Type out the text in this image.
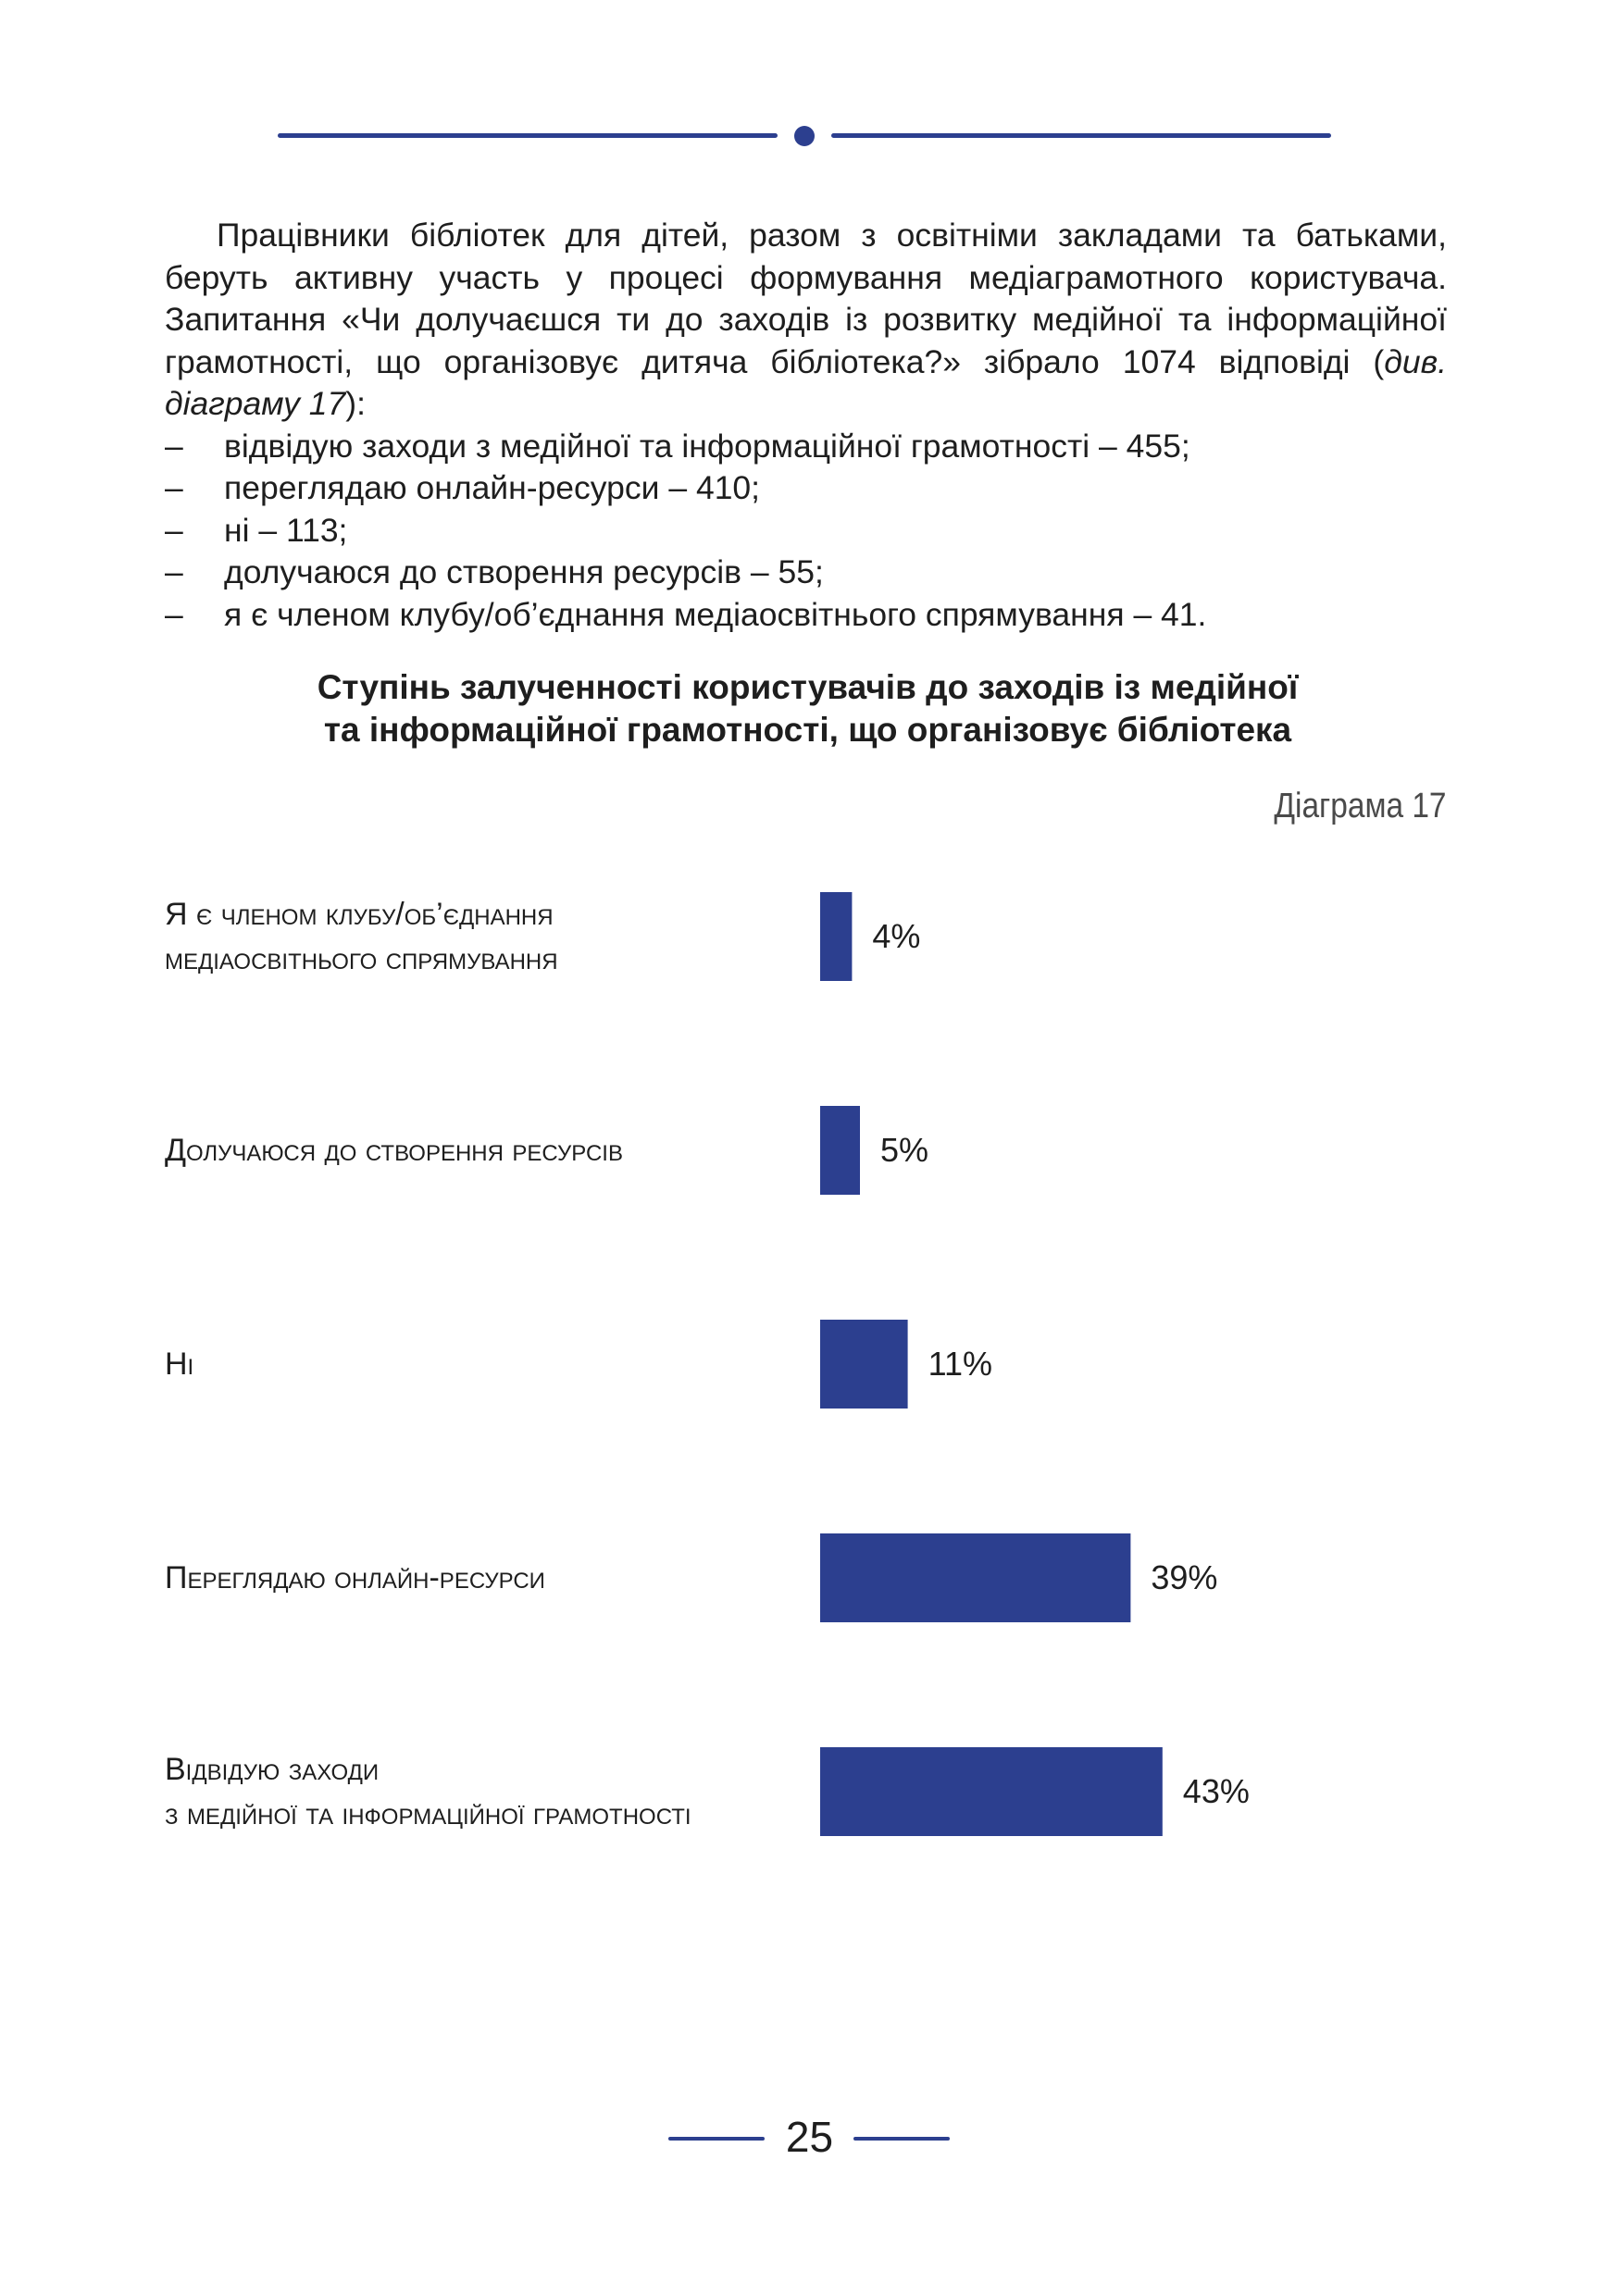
Працівники бібліотек для дітей, разом з освітніми закладами та батьками, беруть активну участь у процесі формування медіаграмотного користувача. Запитання «Чи долучаєшся ти до заходів із розвитку медійної та інформаційної грамотності, що організовує дитяча бібліотека?» зібрало 1074 відповіді (див. діаграму 17):

– відвідую заходи з медійної та інформаційної грамотності – 455;
– переглядаю онлайн-ресурси – 410;
– ні – 113;
– долучаюся до створення ресурсів – 55;
– я є членом клубу/об’єднання медіаосвітнього спрямування – 41.
Ступінь залученності користувачів до заходів із медійної
та інформаційної грамотності, що організовує бібліотека
Діаграма 17
Я є членом клубу/об’єднання
медіаосвітнього спрямування
Долучаюся до створення ресурсів
Ні
Переглядаю онлайн-ресурси
Відвідую заходи
з медійної та інформаційної грамотності
4%
5%
11%
39%
43%
25
